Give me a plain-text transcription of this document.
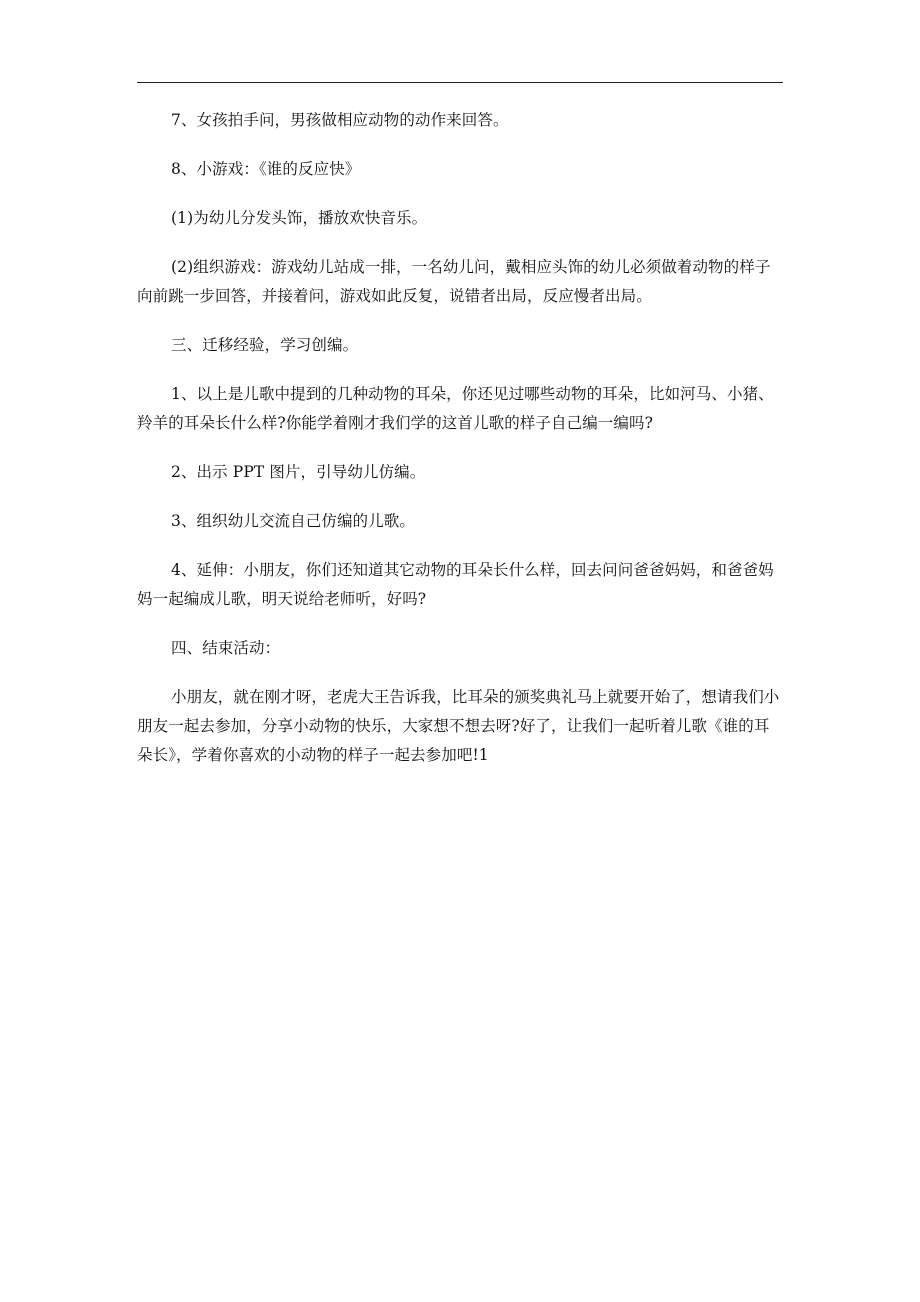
7、女孩拍手问，男孩做相应动物的动作来回答。

8、小游戏：《谁的反应快》

(1)为幼儿分发头饰，播放欢快音乐。

(2)组织游戏：游戏幼儿站成一排，一名幼儿问，戴相应头饰的幼儿必须做着动物的样子向前跳一步回答，并接着问，游戏如此反复，说错者出局，反应慢者出局。

三、迁移经验，学习创编。

1、以上是儿歌中提到的几种动物的耳朵，你还见过哪些动物的耳朵，比如河马、小猪、羚羊的耳朵长什么样?你能学着刚才我们学的这首儿歌的样子自己编一编吗?

2、出示 PPT 图片，引导幼儿仿编。

3、组织幼儿交流自己仿编的儿歌。

4、延伸：小朋友，你们还知道其它动物的耳朵长什么样，回去问问爸爸妈妈，和爸爸妈妈一起编成儿歌，明天说给老师听，好吗?

四、结束活动：

小朋友，就在刚才呀，老虎大王告诉我，比耳朵的颁奖典礼马上就要开始了，想请我们小朋友一起去参加，分享小动物的快乐，大家想不想去呀?好了，让我们一起听着儿歌《谁的耳朵长》，学着你喜欢的小动物的样子一起去参加吧!1
